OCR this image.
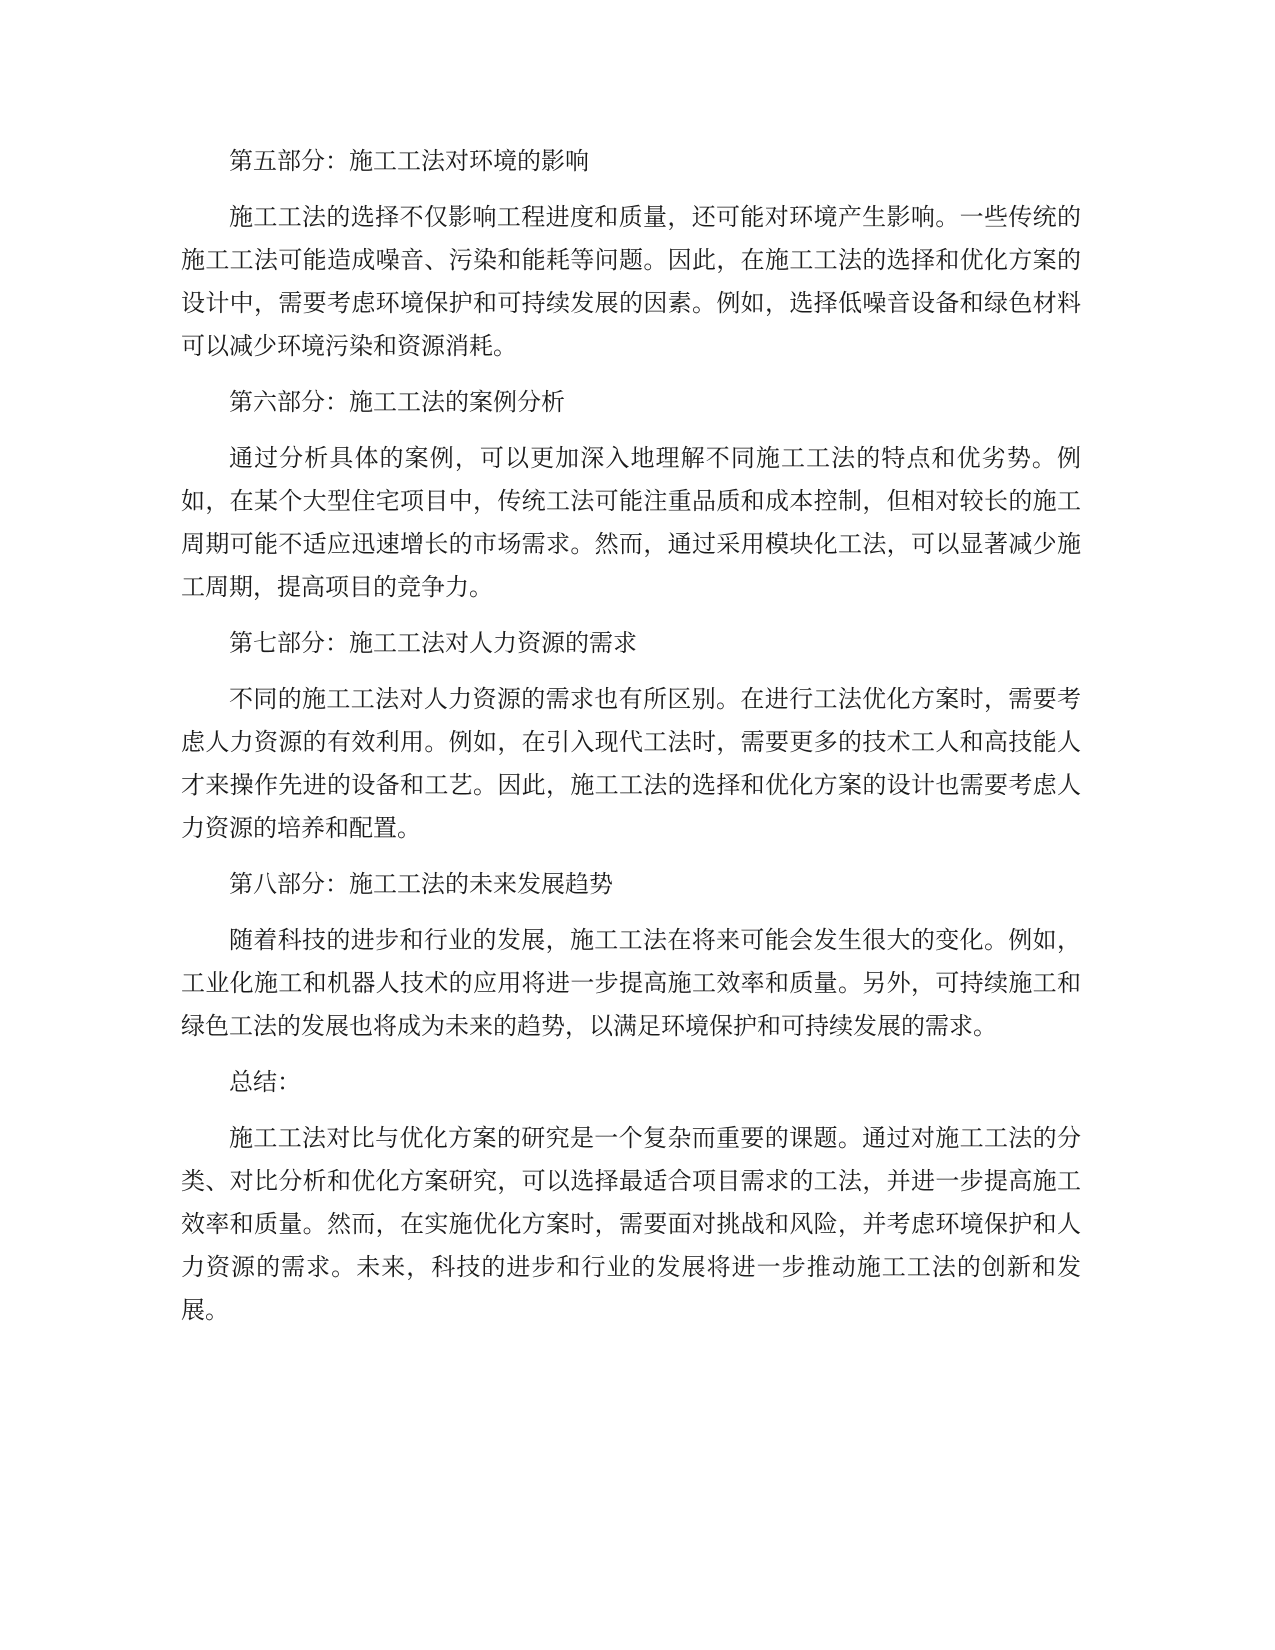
第五部分：施工工法对环境的影响

施工工法的选择不仅影响工程进度和质量，还可能对环境产生影响。一些传统的施工工法可能造成噪音、污染和能耗等问题。因此，在施工工法的选择和优化方案的设计中，需要考虑环境保护和可持续发展的因素。例如，选择低噪音设备和绿色材料可以减少环境污染和资源消耗。

第六部分：施工工法的案例分析

通过分析具体的案例，可以更加深入地理解不同施工工法的特点和优劣势。例如，在某个大型住宅项目中，传统工法可能注重品质和成本控制，但相对较长的施工周期可能不适应迅速增长的市场需求。然而，通过采用模块化工法，可以显著减少施工周期，提高项目的竞争力。

第七部分：施工工法对人力资源的需求

不同的施工工法对人力资源的需求也有所区别。在进行工法优化方案时，需要考虑人力资源的有效利用。例如，在引入现代工法时，需要更多的技术工人和高技能人才来操作先进的设备和工艺。因此，施工工法的选择和优化方案的设计也需要考虑人力资源的培养和配置。

第八部分：施工工法的未来发展趋势

随着科技的进步和行业的发展，施工工法在将来可能会发生很大的变化。例如，工业化施工和机器人技术的应用将进一步提高施工效率和质量。另外，可持续施工和绿色工法的发展也将成为未来的趋势，以满足环境保护和可持续发展的需求。

总结：

施工工法对比与优化方案的研究是一个复杂而重要的课题。通过对施工工法的分类、对比分析和优化方案研究，可以选择最适合项目需求的工法，并进一步提高施工效率和质量。然而，在实施优化方案时，需要面对挑战和风险，并考虑环境保护和人力资源的需求。未来，科技的进步和行业的发展将进一步推动施工工法的创新和发展。
